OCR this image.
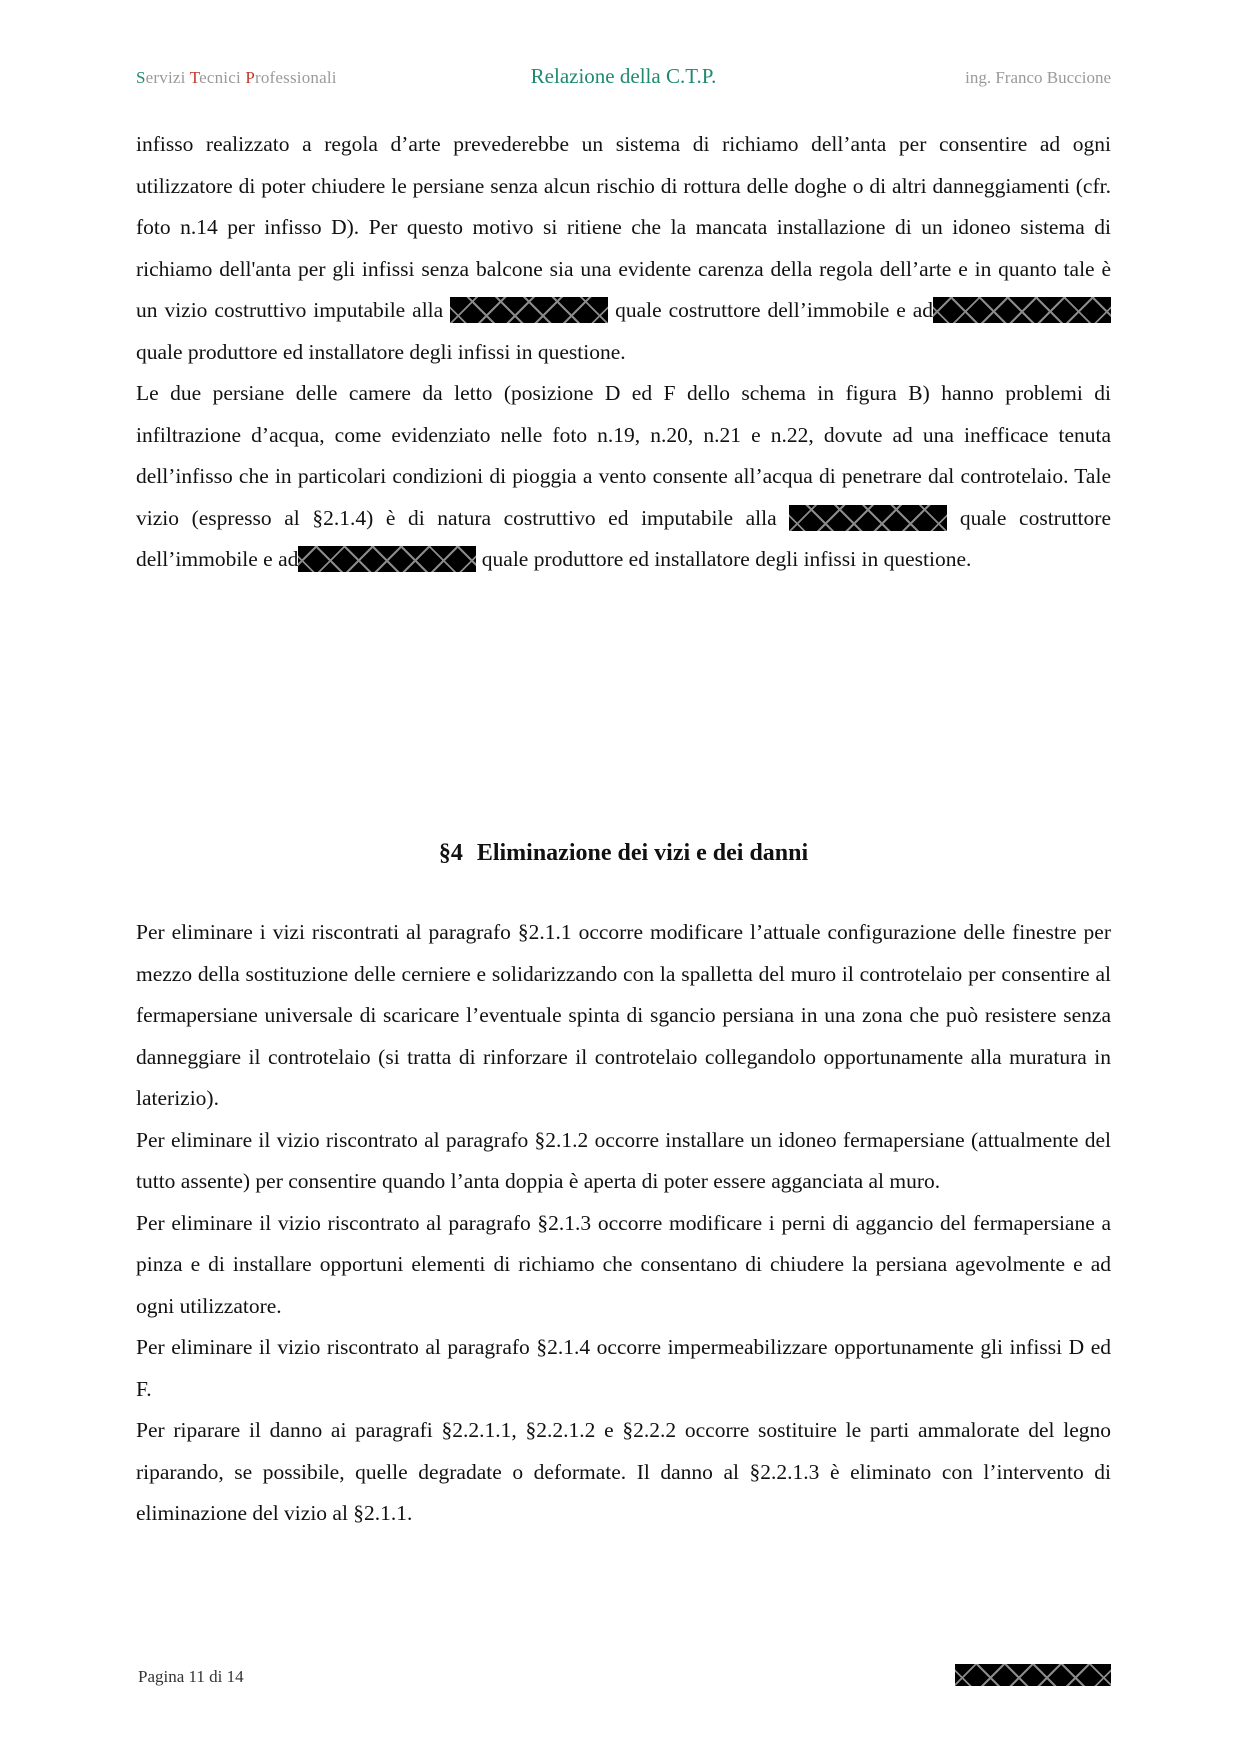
Servizi Tecnici Professionali	Relazione della C.T.P.	ing. Franco Buccione

infisso realizzato a regola d’arte prevederebbe un sistema di richiamo dell’anta per consentire ad ogni utilizzatore di poter chiudere le persiane senza alcun rischio di rottura delle doghe o di altri danneggiamenti (cfr. foto n.14 per infisso D). Per questo motivo si ritiene che la mancata installazione di un idoneo sistema di richiamo dell'anta per gli infissi senza balcone sia una evidente carenza della regola dell’arte e in quanto tale è un vizio costruttivo imputabile alla	quale costruttore dell’immobile e ad quale produttore ed installatore degli infissi in questione.

Le due persiane delle camere da letto (posizione D ed F dello schema in figura B) hanno problemi di infiltrazione d’acqua, come evidenziato nelle foto n.19, n.20, n.21 e n.22, dovute ad una inefficace tenuta dell’infisso che in particolari condizioni di pioggia a vento consente all’acqua di penetrare dal controtelaio. Tale vizio (espresso al §2.1.4) è di natura costruttivo ed imputabile alla	quale costruttore dell’immobile e ad	quale produttore ed installatore degli infissi in questione.

§4 Eliminazione dei vizi e dei danni

Per eliminare i vizi riscontrati al paragrafo §2.1.1 occorre modificare l’attuale configurazione delle finestre per mezzo della sostituzione delle cerniere e solidarizzando con la spalletta del muro il controtelaio per consentire al fermapersiane universale di scaricare l’eventuale spinta di sgancio persiana in una zona che può resistere senza danneggiare il controtelaio (si tratta di rinforzare il controtelaio collegandolo opportunamente alla muratura in laterizio).

Per eliminare il vizio riscontrato al paragrafo §2.1.2 occorre installare un idoneo fermapersiane (attualmente del tutto assente) per consentire quando l’anta doppia è aperta di poter essere agganciata al muro.

Per eliminare il vizio riscontrato al paragrafo §2.1.3 occorre modificare i perni di aggancio del fermapersiane a pinza e di installare opportuni elementi di richiamo che consentano di chiudere la persiana agevolmente e ad ogni utilizzatore.

Per eliminare il vizio riscontrato al paragrafo §2.1.4 occorre impermeabilizzare opportunamente gli infissi D ed F.

Per riparare il danno ai paragrafi §2.2.1.1, §2.2.1.2 e §2.2.2 occorre sostituire le parti ammalorate del legno riparando, se possibile, quelle degradate o deformate. Il danno al §2.2.1.3 è eliminato con l’intervento di eliminazione del vizio al §2.1.1.

Pagina 11 di 14
